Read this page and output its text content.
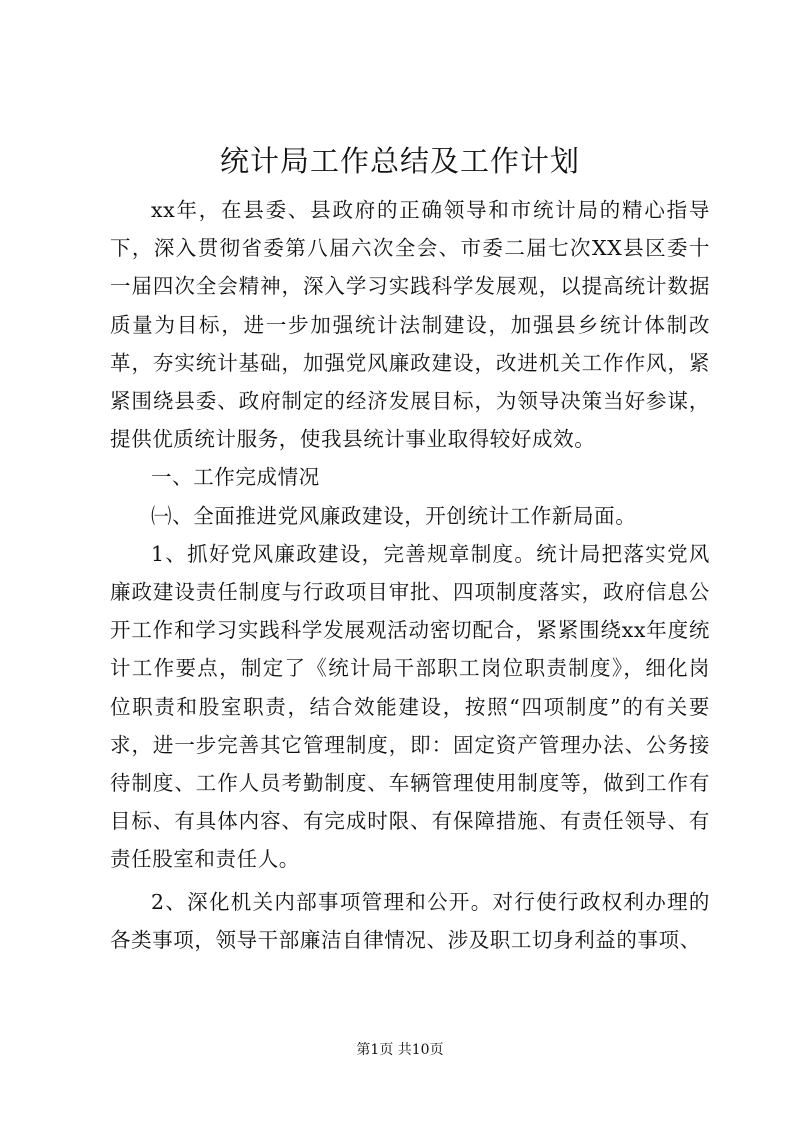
统计局工作总结及工作计划

xx年，在县委、县政府的正确领导和市统计局的精心指导下，深入贯彻省委第八届六次全会、市委二届七次XX县区委十一届四次全会精神，深入学习实践科学发展观，以提高统计数据质量为目标，进一步加强统计法制建设，加强县乡统计体制改革，夯实统计基础，加强党风廉政建设，改进机关工作作风，紧紧围绕县委、政府制定的经济发展目标，为领导决策当好参谋，提供优质统计服务，使我县统计事业取得较好成效。

一、工作完成情况

㈠、全面推进党风廉政建设，开创统计工作新局面。

1、抓好党风廉政建设，完善规章制度。统计局把落实党风廉政建设责任制度与行政项目审批、四项制度落实，政府信息公开工作和学习实践科学发展观活动密切配合，紧紧围绕xx年度统计工作要点，制定了《统计局干部职工岗位职责制度》，细化岗位职责和股室职责，结合效能建设，按照“四项制度”的有关要求，进一步完善其它管理制度，即：固定资产管理办法、公务接待制度、工作人员考勤制度、车辆管理使用制度等，做到工作有目标、有具体内容、有完成时限、有保障措施、有责任领导、有责任股室和责任人。

2、深化机关内部事项管理和公开。对行使行政权利办理的各类事项，领导干部廉洁自律情况、涉及职工切身利益的事项、

第1页 共10页
